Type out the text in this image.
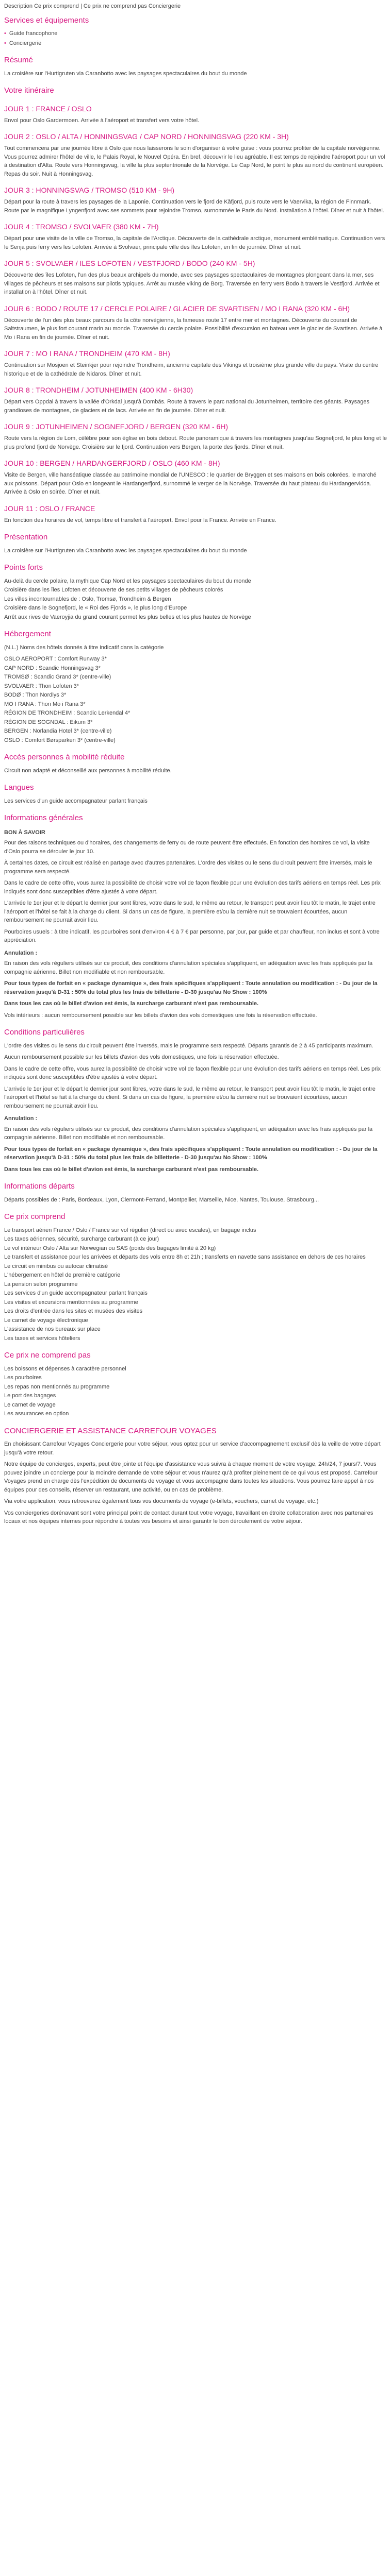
Description Ce prix comprend | Ce prix ne comprend pas Conciergerie
Services et équipements
• Guide francophone
• Conciergerie
Résumé

La croisière sur l'Hurtigruten via Caranbotto avec les paysages spectaculaires du bout du monde

Votre itinéraire
JOUR 1 : FRANCE / OSLO

Envol pour Oslo Gardermoen. Arrivée à l'aéroport et transfert vers votre hôtel.

JOUR 2 : OSLO / ALTA / HONNINGSVAG / CAP NORD / HONNINGSVAG (220 KM - 3H)

Tout commencera par une journée libre à Oslo que nous laisserons le soin d'organiser à votre guise : vous pourrez profiter de la capitale norvégienne. Vous pourrez admirer l'hôtel de ville, le Palais Royal, le Nouvel Opéra. En bref, découvrir le lieu agréable. Il est temps de rejoindre l'aéroport pour un vol à destination d'Alta. Route vers Honningsvag, la ville la plus septentrionale de la Norvège. Le Cap Nord, le point le plus au nord du continent européen. Repas du soir. Nuit à Honningsvag.

JOUR 3 : HONNINGSVAG / TROMSO (510 KM - 9H)

Départ pour la route à travers les paysages de la Laponie. Continuation vers le fjord de Kåfjord, puis route vers le Vaervika, la région de Finnmark. Route par le magnifique Lyngenfjord avec ses sommets pour rejoindre Tromso, surnommée le Paris du Nord. Installation à l'hôtel. Dîner et nuit à l'hôtel.

JOUR 4 : TROMSO / SVOLVAER (380 KM - 7H)

Départ pour une visite de la ville de Tromso, la capitale de l'Arctique. Découverte de la cathédrale arctique, monument emblématique. Continuation vers le Senja puis ferry vers les Lofoten. Arrivée à Svolvaer, principale ville des îles Lofoten, en fin de journée. Dîner et nuit.

JOUR 5 : SVOLVAER / ILES LOFOTEN / VESTFJORD / BODO (240 KM - 5H)

Découverte des îles Lofoten, l'un des plus beaux archipels du monde, avec ses paysages spectaculaires de montagnes plongeant dans la mer, ses villages de pêcheurs et ses maisons sur pilotis typiques. Arrêt au musée viking de Borg. Traversée en ferry vers Bodo à travers le Vestfjord. Arrivée et installation à l'hôtel. Dîner et nuit.

JOUR 6 : BODO / ROUTE 17 / CERCLE POLAIRE / GLACIER DE SVARTISEN / MO I RANA (320 KM - 6H)

Découverte de l'un des plus beaux parcours de la côte norvégienne, la fameuse route 17 entre mer et montagnes. Découverte du courant de Saltstraumen, le plus fort courant marin au monde. Traversée du cercle polaire. Possibilité d'excursion en bateau vers le glacier de Svartisen. Arrivée à Mo i Rana en fin de journée. Dîner et nuit.

JOUR 7 : MO I RANA / TRONDHEIM (470 KM - 8H)

Continuation sur Mosjoen et Steinkjer pour rejoindre Trondheim, ancienne capitale des Vikings et troisième plus grande ville du pays. Visite du centre historique et de la cathédrale de Nidaros. Dîner et nuit.

JOUR 8 : TRONDHEIM / JOTUNHEIMEN (400 KM - 6H30)

Départ vers Oppdal à travers la vallée d'Orkdal jusqu'à Dombås. Route à travers le parc national du Jotunheimen, territoire des géants. Paysages grandioses de montagnes, de glaciers et de lacs. Arrivée en fin de journée. Dîner et nuit.

JOUR 9 : JOTUNHEIMEN / SOGNEFJORD / BERGEN (320 KM - 6H)

Route vers la région de Lom, célèbre pour son église en bois debout. Route panoramique à travers les montagnes jusqu'au Sognefjord, le plus long et le plus profond fjord de Norvège. Croisière sur le fjord. Continuation vers Bergen, la porte des fjords. Dîner et nuit.

JOUR 10 : BERGEN / HARDANGERFJORD / OSLO (460 KM - 8H)

Visite de Bergen, ville hanséatique classée au patrimoine mondial de l'UNESCO : le quartier de Bryggen et ses maisons en bois colorées, le marché aux poissons. Départ pour Oslo en longeant le Hardangerfjord, surnommé le verger de la Norvège. Traversée du haut plateau du Hardangervidda. Arrivée à Oslo en soirée. Dîner et nuit.

JOUR 11 : OSLO / FRANCE

En fonction des horaires de vol, temps libre et transfert à l'aéroport. Envol pour la France. Arrivée en France.

Présentation

La croisière sur l'Hurtigruten via Caranbotto avec les paysages spectaculaires du bout du monde

Points forts
Au-delà du cercle polaire, la mythique Cap Nord et les paysages spectaculaires du bout du monde
Croisière dans les îles Lofoten et découverte de ses petits villages de pêcheurs colorés
Les villes incontournables de : Oslo, Tromsø, Trondheim & Bergen
Croisière dans le Sognefjord, le « Roi des Fjords », le plus long d'Europe
Arrêt aux rives de Vaeroyjia du grand courant permet les plus belles et les plus hautes de Norvège
Hébergement

(N.L.) Noms des hôtels donnés à titre indicatif dans la catégorie

OSLO AEROPORT : Comfort Runway 3*
CAP NORD : Scandic Honningsvag 3*
TROMSØ : Scandic Grand 3* (centre-ville)
SVOLVAER : Thon Lofoten 3*
BODØ : Thon Nordlys 3*
MO I RANA : Thon Mo i Rana 3*
RÉGION DE TRONDHEIM : Scandic Lerkendal 4*
RÉGION DE SOGNDAL : Eikum 3*
BERGEN : Norlandia Hotel 3* (centre-ville)
OSLO : Comfort Børsparken 3* (centre-ville)
Accès personnes à mobilité réduite

Circuit non adapté et déconseillé aux personnes à mobilité réduite.

Langues

Les services d'un guide accompagnateur parlant français

Informations générales
BON À SAVOIR

Pour des raisons techniques ou d'horaires, des changements de ferry ou de route peuvent être effectués. En fonction des horaires de vol, la visite d'Oslo pourra se dérouler le jour 10.

À certaines dates, ce circuit est réalisé en partage avec d'autres partenaires. L'ordre des visites ou le sens du circuit peuvent être inversés, mais le programme sera respecté.

Dans le cadre de cette offre, vous aurez la possibilité de choisir votre vol de façon flexible pour une évolution des tarifs aériens en temps réel. Les prix indiqués sont donc susceptibles d'être ajustés à votre départ.

L'arrivée le 1er jour et le départ le dernier jour sont libres, votre dans le sud, le même au retour, le transport peut avoir lieu tôt le matin, le trajet entre l'aéroport et l'hôtel se fait à la charge du client. Si dans un cas de figure, la première et/ou la dernière nuit se trouvaient écourtées, aucun remboursement ne pourrait avoir lieu.

Pourboires usuels : à titre indicatif, les pourboires sont d'environ 4 € à 7 € par personne, par jour, par guide et par chauffeur, non inclus et sont à votre appréciation.

Annulation :

En raison des vols réguliers utilisés sur ce produit, des conditions d'annulation spéciales s'appliquent, en adéquation avec les frais appliqués par la compagnie aérienne. Billet non modifiable et non remboursable.

Pour tous types de forfait en « package dynamique », des frais spécifiques s'appliquent : Toute annulation ou modification : - Du jour de la réservation jusqu'à D-31 : 50% du total plus les frais de billetterie - D-30 jusqu'au No Show : 100%

Dans tous les cas où le billet d'avion est émis, la surcharge carburant n'est pas remboursable.

Vols intérieurs : aucun remboursement possible sur les billets d'avion des vols domestiques une fois la réservation effectuée.

Conditions particulières

L'ordre des visites ou le sens du circuit peuvent être inversés, mais le programme sera respecté. Départs garantis de 2 à 45 participants maximum.

Aucun remboursement possible sur les billets d'avion des vols domestiques, une fois la réservation effectuée.

Dans le cadre de cette offre, vous aurez la possibilité de choisir votre vol de façon flexible pour une évolution des tarifs aériens en temps réel. Les prix indiqués sont donc susceptibles d'être ajustés à votre départ.

L'arrivée le 1er jour et le départ le dernier jour sont libres, votre dans le sud, le même au retour, le transport peut avoir lieu tôt le matin, le trajet entre l'aéroport et l'hôtel se fait à la charge du client. Si dans un cas de figure, la première et/ou la dernière nuit se trouvaient écourtées, aucun remboursement ne pourrait avoir lieu.

Annulation :

En raison des vols réguliers utilisés sur ce produit, des conditions d'annulation spéciales s'appliquent, en adéquation avec les frais appliqués par la compagnie aérienne. Billet non modifiable et non remboursable.

Pour tous types de forfait en « package dynamique », des frais spécifiques s'appliquent : Toute annulation ou modification : - Du jour de la réservation jusqu'à D-31 : 50% du total plus les frais de billetterie - D-30 jusqu'au No Show : 100%

Dans tous les cas où le billet d'avion est émis, la surcharge carburant n'est pas remboursable.

Informations départs

Départs possibles de : Paris, Bordeaux, Lyon, Clermont-Ferrand, Montpellier, Marseille, Nice, Nantes, Toulouse, Strasbourg...

Ce prix comprend
Le transport aérien France / Oslo / France sur vol régulier (direct ou avec escales), en bagage inclus
Les taxes aériennes, sécurité, surcharge carburant (à ce jour)
Le vol intérieur Oslo / Alta sur Norwegian ou SAS (poids des bagages limité à 20 kg)
Le transfert et assistance pour les arrivées et départs des vols entre 8h et 21h ; transferts en navette sans assistance en dehors de ces horaires
Le circuit en minibus ou autocar climatisé
L'hébergement en hôtel de première catégorie
La pension selon programme
Les services d'un guide accompagnateur parlant français
Les visites et excursions mentionnées au programme
Les droits d'entrée dans les sites et musées des visites
Le carnet de voyage électronique
L'assistance de nos bureaux sur place
Les taxes et services hôteliers
Ce prix ne comprend pas
Les boissons et dépenses à caractère personnel
Les pourboires
Les repas non mentionnés au programme
Le port des bagages
Le carnet de voyage
Les assurances en option
CONCIERGERIE ET ASSISTANCE CARREFOUR VOYAGES

En choisissant Carrefour Voyages Conciergerie pour votre séjour, vous optez pour un service d'accompagnement exclusif dès la veille de votre départ jusqu'à votre retour.

Notre équipe de concierges, experts, peut être jointe et l'équipe d'assistance vous suivra à chaque moment de votre voyage, 24h/24, 7 jours/7. Vous pouvez joindre un concierge pour la moindre demande de votre séjour et vous n'aurez qu'à profiter pleinement de ce qui vous est proposé. Carrefour Voyages prend en charge dès l'expédition de documents de voyage et vous accompagne dans toutes les situations. Vous pourrez faire appel à nos équipes pour des conseils, réserver un restaurant, une activité, ou en cas de problème.

Via votre application, vous retrouverez également tous vos documents de voyage (e-billets, vouchers, carnet de voyage, etc.)

Vos conciergeries dorénavant sont votre principal point de contact durant tout votre voyage, travaillant en étroite collaboration avec nos partenaires locaux et nos équipes internes pour répondre à toutes vos besoins et ainsi garantir le bon déroulement de votre séjour.
